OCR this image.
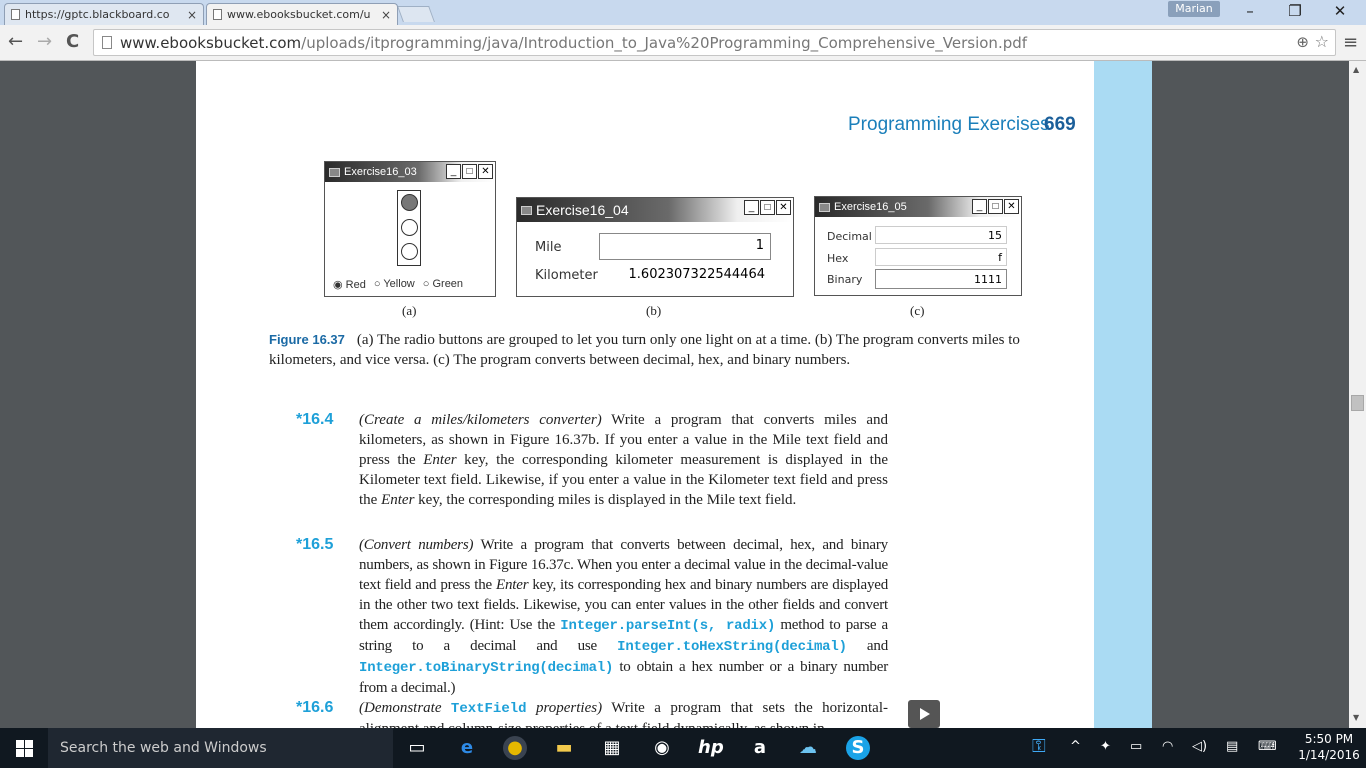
https://gptc.blackboard.co ×	www.ebooksbucket.com/u ×	Marian	–	❐	✕
← → C	www.ebooksbucket.com/uploads/itprogramming/java/Introduction_to_Java%20Programming_Comprehensive_Version.pdf	⊕ ☆ ≡
Programming Exercises
669
Exercise16_03	_	□ ✕
◉ Red ○ Yellow ○ Green
(a)
Exercise16_04	_	□ ✕
Mile	1
Kilometer	1.602307322544464
(b)
Exercise16_05	_	□ ✕
Decimal	15
Hex	f
Binary	1111
(c)
Figure 16.37 (a) The radio buttons are grouped to let you turn only one light on at a time. (b) The program converts miles to kilometers, and vice versa. (c) The program converts between decimal, hex, and binary numbers.
*16.4 (Create a miles/kilometers converter) Write a program that converts miles and kilometers, as shown in Figure 16.37b. If you enter a value in the Mile text field and press the Enter key, the corresponding kilometer measurement is displayed in the Kilometer text field. Likewise, if you enter a value in the Kilometer text field and press the Enter key, the corresponding miles is displayed in the Mile text field.
*16.5 (Convert numbers) Write a program that converts between decimal, hex, and binary numbers, as shown in Figure 16.37c. When you enter a decimal value in the decimal-value text field and press the Enter key, its corresponding hex and binary numbers are displayed in the other two text fields. Likewise, you can enter values in the other fields and convert them accordingly. (Hint: Use the Integer.parseInt(s, radix) method to parse a string to a decimal and use Integer.toHexString(decimal) and Integer.toBinaryString(decimal) to obtain a hex number or a binary number from a decimal.)
*16.6 (Demonstrate TextField properties) Write a program that sets the horizontal-
▲
▼
Search the web and Windows	▭	e	● ▬ ▦ ◉ hp	a	☁	S	⚿ ^ ✦ ▭ ◠ ◁) ▤ ⌨	5:50 PM
1/14/2016
